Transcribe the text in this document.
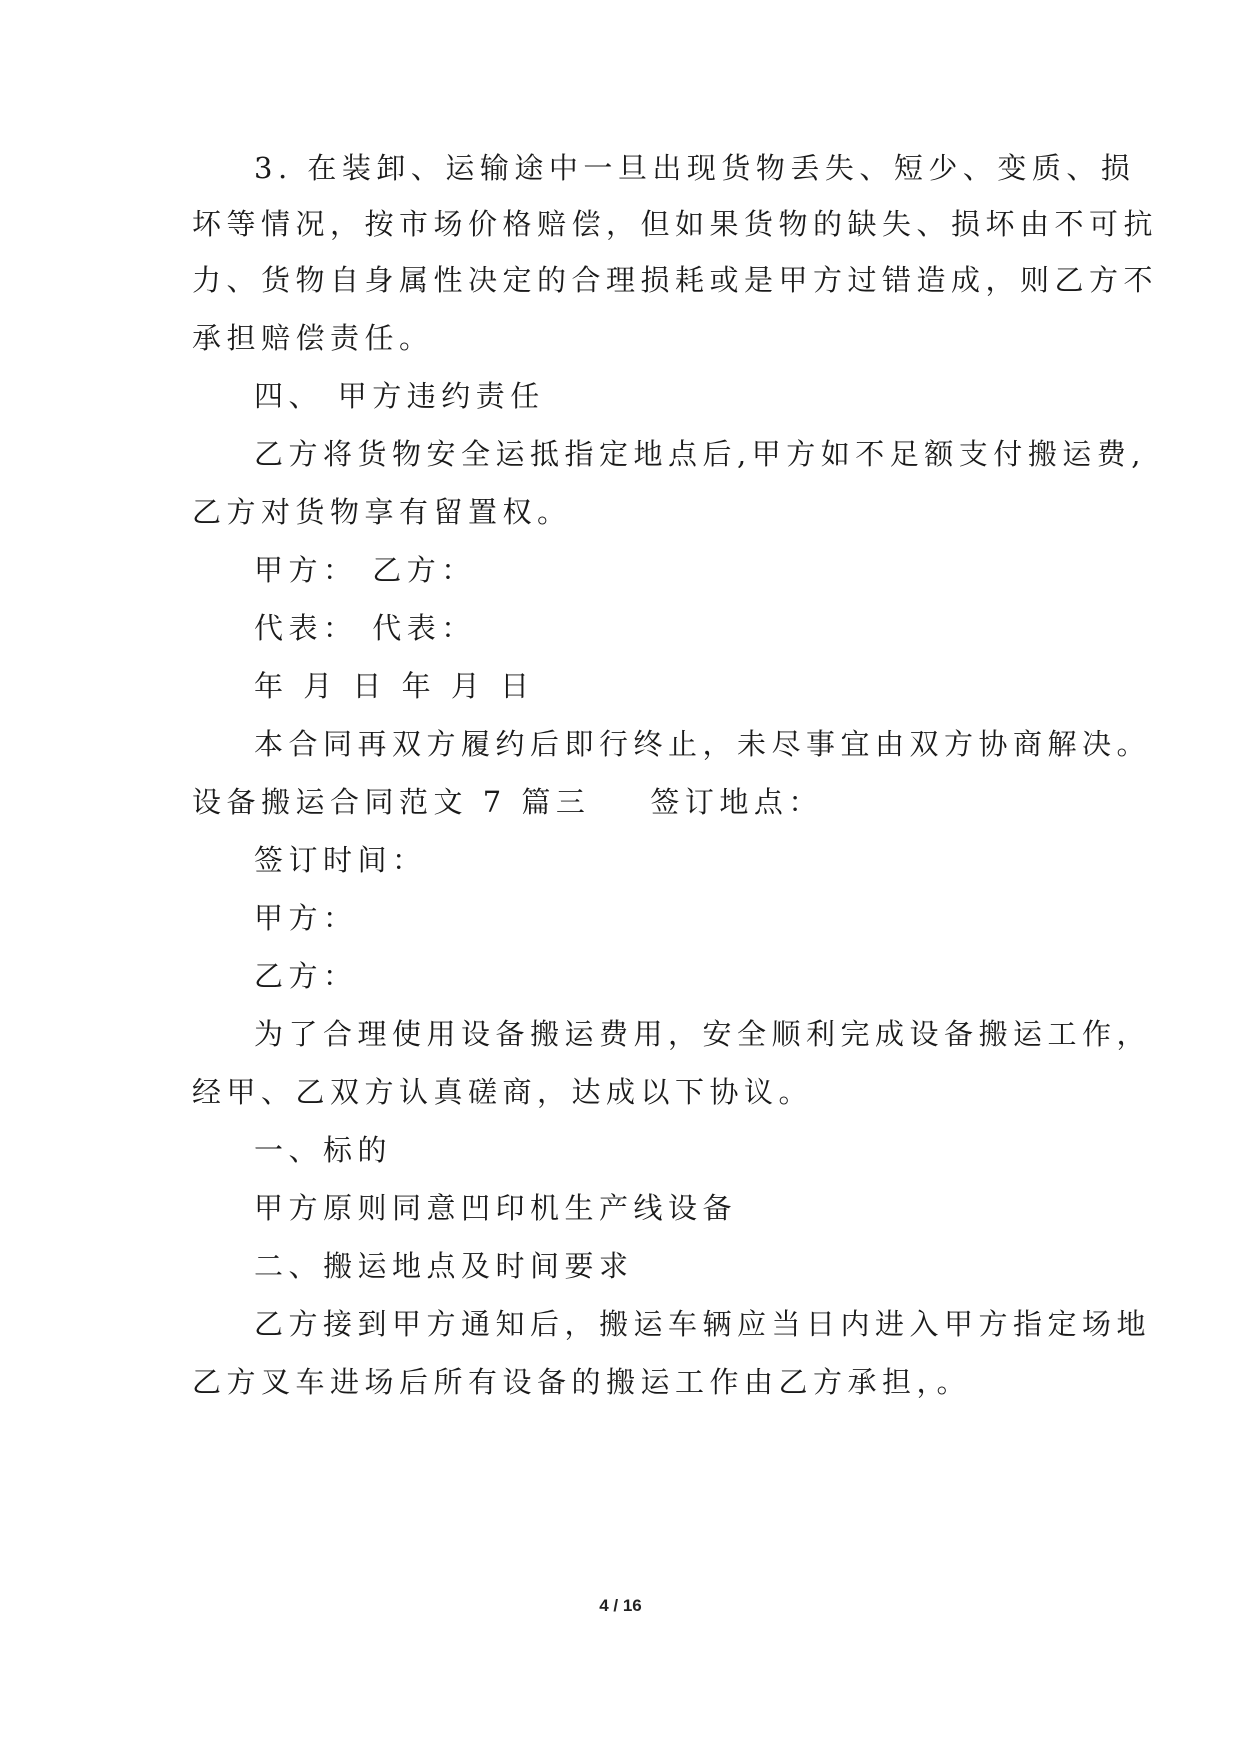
3. 在装卸、运输途中一旦出现货物丢失、短少、变质、损
坏等情况，按市场价格赔偿，但如果货物的缺失、损坏由不可抗
力、货物自身属性决定的合理损耗或是甲方过错造成，则乙方不
承担赔偿责任。
四、 甲方违约责任
乙方将货物安全运抵指定地点后,甲方如不足额支付搬运费,
乙方对货物享有留置权。
甲方： 乙方：
代表： 代表：
年 月 日 年 月 日
本合同再双方履约后即行终止，未尽事宜由双方协商解决。
设备搬运合同范文 7 篇三 签订地点：
签订时间：
甲方：
乙方：
为了合理使用设备搬运费用，安全顺利完成设备搬运工作，
经甲、乙双方认真磋商，达成以下协议。
一、标的
甲方原则同意凹印机生产线设备
二、搬运地点及时间要求
乙方接到甲方通知后，搬运车辆应当日内进入甲方指定场地
乙方叉车进场后所有设备的搬运工作由乙方承担，。
4 / 16
